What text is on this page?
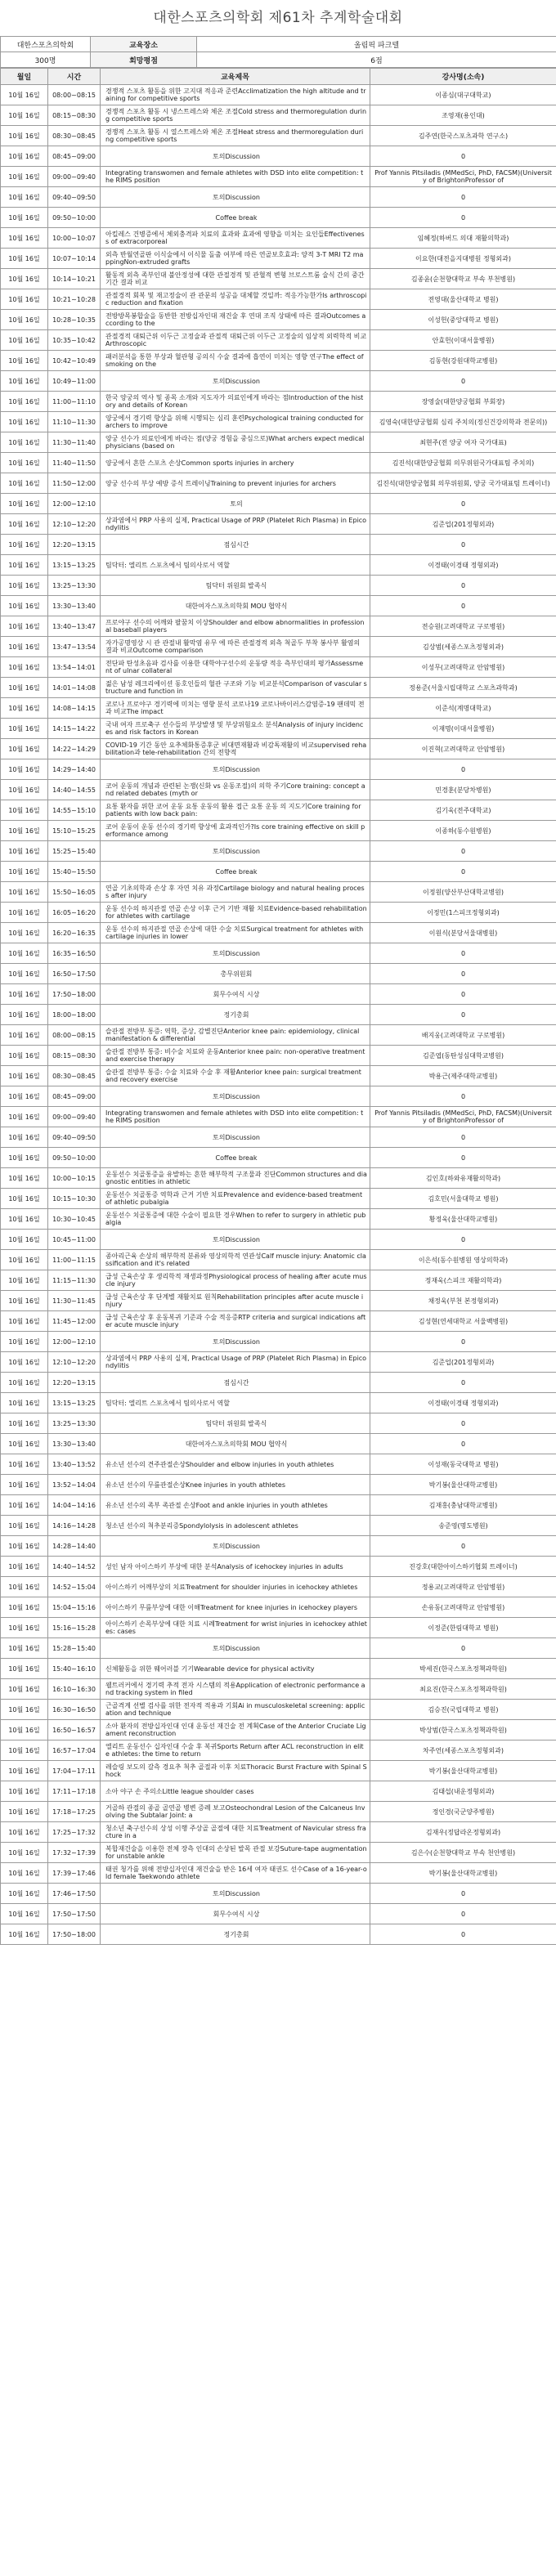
대한스포츠의학회 제61차 추계학술대회
대한스포츠의학회	교육장소	올림픽 파크텔
300명	회망평점	6점
월일	시간	교육제목	강사명(소속)
10월 16일	08:00~08:15	경쟁적 스포츠 활동을 위한 고지대 적응과 준련Acclimatization the high altitude and training for competitive sports	이종심(대구대학교)
10월 16일	08:15~08:30	경쟁적 스포츠 활동 시 냉스트레스와 체온 조절Cold stress and thermoregulation during competitive sports	조영재(용인대)
10월 16일	08:30~08:45	경쟁적 스포츠 활동 시 열스트레스와 체온 조절Heat stress and thermoregulation during competitive sports	김주연(한국스포츠과학 연구소)
10월 16일	08:45~09:00	토의Discussion	0
10월 16일	09:00~09:40	Integrating transwomen and female athletes with DSD into elite competition: the RIMS position	Prof Yannis Pitsiladis (MMedSci, PhD, FACSM)(University of BrightonProfessor of
10월 16일	09:40~09:50	토의Discussion	0
10월 16일	09:50~10:00	Coffee break	0
10월 16일	10:00~10:07	아킬레스 건병증에서 체외충격파 치료의 효과와 효과에 영향을 미치는 요인들Effectiveness of extracorporeal	임혜정(하버드 의대 재활의학과)
10월 16일	10:07~10:14	외측 반월연골판 이식술에서 이식물 돌출 여부에 따른 연골보호효과: 양적 3-T MRI T2 mappingNon-extruded grafts	이요한(대전을지대병원 정형외과)
10월 16일	10:14~10:21	활동적 외측 족부인대 불안정성에 대한 관절경적 및 관혈적 변형 브로스트룸 술식 간의 중간 기간 결과 비교	김종윤(순천향대학교 부속 부천병원)
10월 16일	10:21~10:28	관절경적 회복 및 재고정술이 관 관문의 성공을 대체할 것일까: 적응가능한가Is arthroscopic reduction and fixation	전영대(울산대학교 병원)
10월 16일	10:28~10:35	전방방목봉합술을 동반한 전방십자인대 재건술 후 연대 조직 상태에 따른 결과Outcomes according to the	이성헌(중앙대학교 병원)
10월 16일	10:35~10:42	관절경적 대퇴근위 이두근 고정술과 관절적 대퇴근위 이두근 고정술의 임상적 외력학적 비교Arthroscopic	안효헌(이대서울병원)
10월 16일	10:42~10:49	패러분석을 통한 부상과 혈관형 공의식 수술 결과에 흡연이 미치는 영향 연구The effect of smoking on the	김동현(강원대학교병원)
10월 16일	10:49~11:00	토의Discussion	0
10월 16일	11:00~11:10	한국 양궁의 역사 및 종목 소개와 지도자가 의료인에게 바라는 점Introduction of the history and details of Korean	장영술(대한양궁협회 부회장)
10월 16일	11:10~11:30	양궁에서 경기력 향상을 위해 시행되는 심리 훈련Psychological training conducted for archers to improve	김영숙(대한양궁협회 심리 주치의(정신건강의학과 전문의))
10월 16일	11:30~11:40	양궁 선수가 의료인에게 바라는 점(양궁 경험을 중심으로)What archers expect medical physicians (based on	최현주(전 양궁 여자 국가대표)
10월 16일	11:40~11:50	양궁에서 흔한 스포츠 손상Common sports injuries in archery	김진석(대한양궁협회 의무위원국가대표팀 주치의)
10월 16일	11:50~12:00	양궁 선수의 부상 예방 증식 트레이닝Training to prevent injuries for archers	김진석(대한양궁협회 의무위원회, 양궁 국가대표팀 트레이너)
10월 16일	12:00~12:10	토의	0
10월 16일	12:10~12:20	상과염에서 PRP 사용의 실제, Practical Usage of PRP (Platelet Rich Plasma) in Epicondylitis	김준업(201정형외과)
10월 16일	12:20~13:15	점심시간	0
10월 16일	13:15~13:25	팀닥터: 엘리트 스포츠에서 팀의사로서 역할	이경태(이경태 정형외과)
10월 16일	13:25~13:30	팀닥터 위원회 발족식	0
10월 16일	13:30~13:40	대한여자스포츠의학회 MOU 협약식	0
10월 16일	13:40~13:47	프로야구 선수의 어깨와 팔꿈치 이상Shoulder and elbow abnormalities in professional baseball players	전승원(고려대학교 구로병원)
10월 16일	13:47~13:54	자가공명영상 시 관 관절내 활막염 유무 에 따른 관절경적 외측 척골두 부착 봉사부 활염의 결과 비교Outcome comparison	김상범(세종스포츠정형외과)
10월 16일	13:54~14:01	전단파 탄성초음파 검사를 이용한 대학야구선수의 운동량 적응 측부인대의 평가Assessment of ulnar collateral	이성무(고려대학교 안암병원)
10월 16일	14:01~14:08	젊은 남성 레크리에이션 동호인들의 혈관 구조와 기능 비교분석Comparison of vascular structure and function in	정용준(서울시립대학교 스포츠과학과)
10월 16일	14:08~14:15	코로나 프로야구 경기력에 미치는 영향 분석 코로나19 코로나바이러스감염증-19 팬데믹 전과 비교The impact	이준석(계명대학교)
10월 16일	14:15~14:22	국내 여자 프로축구 선수들의 부상발생 및 부상위험요소 분석Analysis of injury incidences and risk factors in Korean	이재명(이대서울병원)
10월 16일	14:22~14:29	COVID-19 기간 동안 요추체화통증후군 비대면재활과 비감독재활의 비교supervised rehabilitation과 tele-rehabilitation 간의 전향적	이진혁(고려대학교 안암병원)
10월 16일	14:29~14:40	토의Discussion	0
10월 16일	14:40~14:55	코어 운동의 개념과 관련된 논쟁(신화 vs 운동조절)의 의학 주기Core training: concept and related debates (myth or	민경훈(분당차병원)
10월 16일	14:55~15:10	요통 환자를 위한 코어 운동 요통 운동의 활용 접근 요통 운동 의 지도기Core training for patients with low back pain:	김기욱(전주대학교)
10월 16일	15:10~15:25	코어 운동이 운동 선수의 경기력 향상에 효과적인가?Is core training effective on skill performance among	이종하(동수원병원)
10월 16일	15:25~15:40	토의Discussion	0
10월 16일	15:40~15:50	Coffee break	0
10월 16일	15:50~16:05	연골 기초의학과 손상 후 자연 치유 과정Cartilage biology and natural healing process after injury	이정원(양산부산대학교병원)
10월 16일	16:05~16:20	운동 선수의 하지관절 연골 손상 이후 근거 기반 재활 치료Evidence-based rehabilitation for athletes with cartilage	이정민(1스피크정형외과)
10월 16일	16:20~16:35	운동 선수의 하지관절 연골 손상에 대한 수술 치료Surgical treatment for athletes with cartilage injuries in lower	이원식(분당서울대병원)
10월 16일	16:35~16:50	토의Discussion	0
10월 16일	16:50~17:50	총무위원회	0
10월 16일	17:50~18:00	회무수여식 시상	0
10월 16일	18:00~18:00	정기총회	0
10월 16일	08:00~08:15	슬관절 전방부 통증: 역학, 증상, 감별진단Anterior knee pain: epidemiology, clinical manifestation & differential	배지웅(고려대학교 구로병원)
10월 16일	08:15~08:30	슬관절 전방부 통증: 비수술 치료와 운동Anterior knee pain: non-operative treatment and exercise therapy	김준엽(동탄성심대학교병원)
10월 16일	08:30~08:45	슬관절 전방부 통증: 수술 치료와 수술 후 재활Anterior knee pain: surgical treatment and recovery exercise	박용근(제주대학교병원)
10월 16일	08:45~09:00	토의Discussion	0
10월 16일	09:00~09:40	Integrating transwomen and female athletes with DSD into elite competition: the RIMS position	Prof Yannis Pitsiladis (MMedSci, PhD, FACSM)(University of BrightonProfessor of
10월 16일	09:40~09:50	토의Discussion	0
10월 16일	09:50~10:00	Coffee break	0
10월 16일	10:00~10:15	운동선수 치골통증을 유발하는 흔한 해부학적 구조물과 진단Common structures and diagnostic entities in athletic	김인호(하와유재활의학과)
10월 16일	10:15~10:30	운동선수 치골통증 역학과 근거 기반 치료Prevalence and evidence-based treatment of athletic pubalgia	김호민(서울대학교 병원)
10월 16일	10:30~10:45	운동선수 치골통증에 대한 수술이 필요한 경우When to refer to surgery in athletic pubalgia	황정욱(울산대학교병원)
10월 16일	10:45~11:00	토의Discussion	0
10월 16일	11:00~11:15	종아리근육 손상의 해부학적 분류와 영상의학적 연관성Calf muscle injury: Anatomic classification and it's related	이은석(동수원병원 영상의학과)
10월 16일	11:15~11:30	급성 근육손상 후 생리학적 재생과정Physiological process of healing after acute muscle injury	정재욱(스피크 재활의학과)
10월 16일	11:30~11:45	급성 근육손상 후 단계별 재활치료 원칙Rehabilitation principles after acute muscle injury	채정욱(부천 본정형외과)
10월 16일	11:45~12:00	급성 근육손상 후 운동복귀 기준과 수술 적응증RTP criteria and surgical indications after acute muscle injury	김성현(연세대학교 서울백병원)
10월 16일	12:00~12:10	토의Discussion	0
10월 16일	12:10~12:20	상과염에서 PRP 사용의 실제, Practical Usage of PRP (Platelet Rich Plasma) in Epicondylitis	김준업(201정형외과)
10월 16일	12:20~13:15	점심시간	0
10월 16일	13:15~13:25	팀닥터: 엘리트 스포츠에서 팀의사로서 역할	이경태(이경태 정형외과)
10월 16일	13:25~13:30	팀닥터 위원회 발족식	0
10월 16일	13:30~13:40	대한여자스포츠의학회 MOU 협약식	0
10월 16일	13:40~13:52	유소년 선수의 견주관절손상Shoulder and elbow injuries in youth athletes	이성재(동국대학교 병원)
10월 16일	13:52~14:04	유소년 선수의 무릎관절손상Knee injuries in youth athletes	박기봉(울산대학교병원)
10월 16일	14:04~14:16	유소년 선수의 족부 족관절 손상Foot and ankle injuries in youth athletes	김재홍(충남대학교병원)
10월 16일	14:16~14:28	청소년 선수의 척추분리증Spondylolysis in adolescent athletes	송준영(명도병원)
10월 16일	14:28~14:40	토의Discussion	0
10월 16일	14:40~14:52	성인 남자 아이스하키 부상에 대한 분석Analysis of icehockey injuries in adults	진강호(대한아이스하키협회 트레이너)
10월 16일	14:52~15:04	아이스하키 어깨부상의 치료Treatment for shoulder injuries in icehockey athletes	정용교(고려대학교 안암병원)
10월 16일	15:04~15:16	아이스하키 무릎부상에 대한 이해Treatment for knee injuries in icehockey players	손유동(고려대학교 안암병원)
10월 16일	15:16~15:28	아이스하키 손목부상에 대한 치료 시례Treatment for wrist injuries in icehockey athletes: cases	이정준(한림대학교 병원)
10월 16일	15:28~15:40	토의Discussion	0
10월 16일	15:40~16:10	신체활동을 위한 웨어러블 기기Wearable device for physical activity	박세진(한국스포츠정책과학원)
10월 16일	16:10~16:30	웰트러커에서 경기력 추적 전자 시스템의 적용Application of electronic performance and tracking system in filed	최요진(한국스포츠정책과학원)
10월 16일	16:30~16:50	근골격계 선별 검사를 위한 전자적 적용과 기회Ai in musculoskeletal screening: application and technique	김승진(국립대학교 병원)
10월 16일	16:50~16:57	소아 환자의 전방십자인대 인대 운동선 재건술 전 계획Case of the Anterior Cruciate Ligament reconstruction	박상범(한국스포츠정책과학원)
10월 16일	16:57~17:04	엘리트 운동선수 십자인대 수술 후 복귀Sports Return after ACL reconstruction in elite athletes: the time to return	차주언(세종스포츠정형외과)
10월 16일	17:04~17:11	레슬링 보도의 갈측 경요추 척추 골절과 이후 치료Thoracic Burst Fracture with Spinal Shock	박기봉(울산대학교병원)
10월 16일	17:11~17:18	소아 야구 손 주의소Little league shoulder cases	김태섭(내운정형외과)
10월 16일	17:18~17:25	거골하 관절의 종골 골연골 병변 증례 보고Osteochondral Lesion of the Calcaneus Involving the Subtalar Joint: a	정인경(국군양주병원)
10월 16일	17:25~17:32	청소년 축구선수의 상성 이행 주상골 골절에 대한 치료Treatment of Navicular stress fracture in a	김재우(정답라온정형외과)
10월 16일	17:32~17:39	복합재건술을 이용한 전체 장측 인대의 손상된 발목 관절 보강Suture-tape augmentation for unstable ankle	김은수(순천향대학교 부속 천안병원)
10월 16일	17:39~17:46	태권 청가를 위해 전방십자인대 재건술을 받은 16세 여자 태권도 선수Case of a 16-year-old female Taekwondo athlete	박기봉(울산대학교병원)
10월 16일	17:46~17:50	토의Discussion	0
10월 16일	17:50~17:50	회무수여식 시상	0
10월 16일	17:50~18:00	정기총회	0
